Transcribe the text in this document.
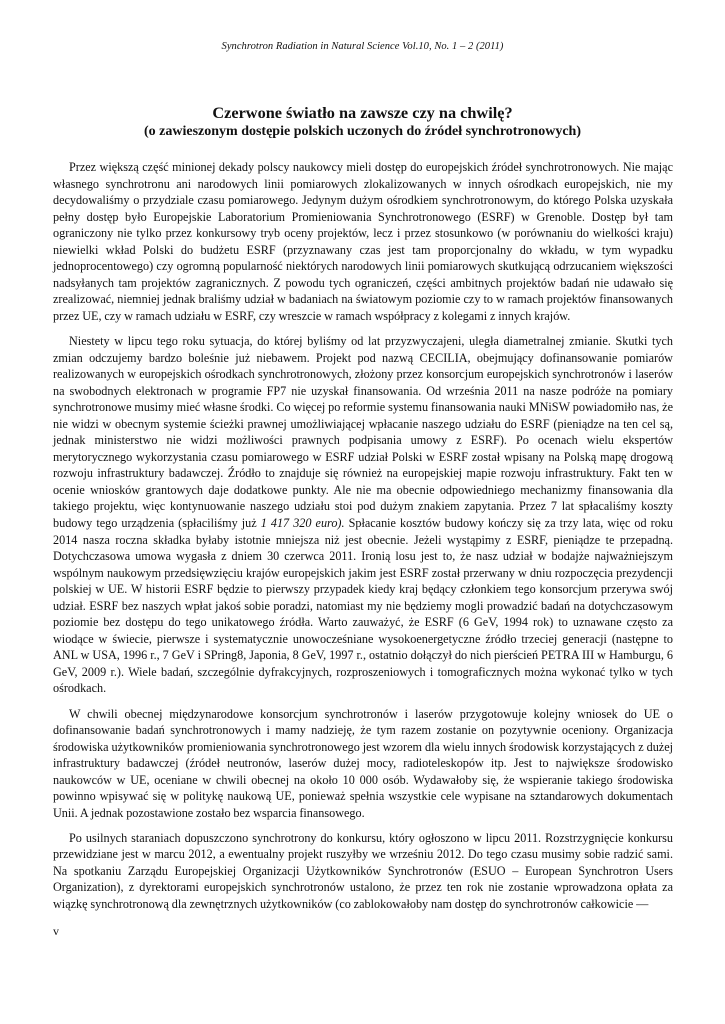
Synchrotron Radiation in Natural Science Vol.10, No. 1 – 2 (2011)
Czerwone światło na zawsze czy na chwilę?
(o zawieszonym dostępie polskich uczonych do źródeł synchrotronowych)

Przez większą część minionej dekady polscy naukowcy mieli dostęp do europejskich źródeł synchrotronowych. Nie mając własnego synchrotronu ani narodowych linii pomiarowych zlokalizowanych w innych ośrodkach europejskich, nie my decydowaliśmy o przydziale czasu pomiarowego. Jedynym dużym ośrodkiem synchrotronowym, do którego Polska uzyskała pełny dostęp było Europejskie Laboratorium Promieniowania Synchrotronowego (ESRF) w Grenoble. Dostęp był tam ograniczony nie tylko przez konkursowy tryb oceny projektów, lecz i przez stosunkowo (w porównaniu do wielkości kraju) niewielki wkład Polski do budżetu ESRF (przyznawany czas jest tam proporcjonalny do wkładu, w tym wypadku jednoprocentowego) czy ogromną popularność niektórych narodowych linii pomiarowych skutkującą odrzucaniem większości nadsyłanych tam projektów zagranicznych. Z powodu tych ograniczeń, części ambitnych projektów badań nie udawało się zrealizować, niemniej jednak braliśmy udział w badaniach na światowym poziomie czy to w ramach projektów finansowanych przez UE, czy w ramach udziału w ESRF, czy wreszcie w ramach współpracy z kolegami z innych krajów.

Niestety w lipcu tego roku sytuacja, do której byliśmy od lat przyzwyczajeni, uległa diametralnej zmianie. Skutki tych zmian odczujemy bardzo boleśnie już niebawem. Projekt pod nazwą CECILIA, obejmujący dofinansowanie pomiarów realizowanych w europejskich ośrodkach synchrotronowych, złożony przez konsorcjum europejskich synchrotronów i laserów na swobodnych elektronach w programie FP7 nie uzyskał finansowania. Od września 2011 na nasze podróże na pomiary synchrotronowe musimy mieć własne środki. Co więcej po reformie systemu finansowania nauki MNiSW powiadomiło nas, że nie widzi w obecnym systemie ścieżki prawnej umożliwiającej wpłacanie naszego udziału do ESRF (pieniądze na ten cel są, jednak ministerstwo nie widzi możliwości prawnych podpisania umowy z ESRF). Po ocenach wielu ekspertów merytorycznego wykorzystania czasu pomiarowego w ESRF udział Polski w ESRF został wpisany na Polską mapę drogową rozwoju infrastruktury badawczej. Źródło to znajduje się również na europejskiej mapie rozwoju infrastruktury. Fakt ten w ocenie wniosków grantowych daje dodatkowe punkty. Ale nie ma obecnie odpowiedniego mechanizmy finansowania dla takiego projektu, więc kontynuowanie naszego udziału stoi pod dużym znakiem zapytania. Przez 7 lat spłacaliśmy koszty budowy tego urządzenia (spłaciliśmy już 1 417 320 euro). Spłacanie kosztów budowy kończy się za trzy lata, więc od roku 2014 nasza roczna składka byłaby istotnie mniejsza niż jest obecnie. Jeżeli wystąpimy z ESRF, pieniądze te przepadną. Dotychczasowa umowa wygasła z dniem 30 czerwca 2011. Ironią losu jest to, że nasz udział w bodajże najważniejszym wspólnym naukowym przedsięwzięciu krajów europejskich jakim jest ESRF został przerwany w dniu rozpoczęcia prezydencji polskiej w UE. W historii ESRF będzie to pierwszy przypadek kiedy kraj będący członkiem tego konsorcjum przerywa swój udział. ESRF bez naszych wpłat jakoś sobie poradzi, natomiast my nie będziemy mogli prowadzić badań na dotychczasowym poziomie bez dostępu do tego unikatowego źródła. Warto zauważyć, że ESRF (6 GeV, 1994 rok) to uznawane często za wiodące w świecie, pierwsze i systematycznie unowocześniane wysokoenergetyczne źródło trzeciej generacji (następne to ANL w USA, 1996 r., 7 GeV i SPring8, Japonia, 8 GeV, 1997 r., ostatnio dołączył do nich pierścień PETRA III w Hamburgu, 6 GeV, 2009 r.). Wiele badań, szczególnie dyfrakcyjnych, rozproszeniowych i tomograficznych można wykonać tylko w tych ośrodkach.

W chwili obecnej międzynarodowe konsorcjum synchrotronów i laserów przygotowuje kolejny wniosek do UE o dofinansowanie badań synchrotronowych i mamy nadzieję, że tym razem zostanie on pozytywnie oceniony. Organizacja środowiska użytkowników promieniowania synchrotronowego jest wzorem dla wielu innych środowisk korzystających z dużej infrastruktury badawczej (źródeł neutronów, laserów dużej mocy, radioteleskopów itp. Jest to największe środowisko naukowców w UE, oceniane w chwili obecnej na około 10 000 osób. Wydawałoby się, że wspieranie takiego środowiska powinno wpisywać się w politykę naukową UE, ponieważ spełnia wszystkie cele wypisane na sztandarowych dokumentach Unii. A jednak pozostawione zostało bez wsparcia finansowego.

Po usilnych staraniach dopuszczono synchrotrony do konkursu, który ogłoszono w lipcu 2011. Rozstrzygnięcie konkursu przewidziane jest w marcu 2012, a ewentualny projekt ruszyłby we wrześniu 2012. Do tego czasu musimy sobie radzić sami. Na spotkaniu Zarządu Europejskiej Organizacji Użytkowników Synchrotronów (ESUO – European Synchrotron Users Organization), z dyrektorami europejskich synchrotronów ustalono, że przez ten rok nie zostanie wprowadzona opłata za wiązkę synchrotronową dla zewnętrznych użytkowników (co zablokowałoby nam dostęp do synchrotronów całkowicie —

v
